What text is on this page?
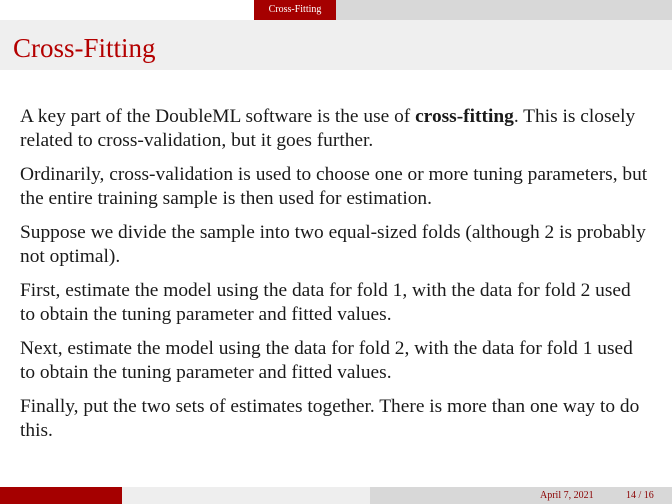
Cross-Fitting
Cross-Fitting

A key part of the DoubleML software is the use of cross-fitting. This is closely related to cross-validation, but it goes further.

Ordinarily, cross-validation is used to choose one or more tuning parameters, but the entire training sample is then used for estimation.

Suppose we divide the sample into two equal-sized folds (although 2 is probably not optimal).

First, estimate the model using the data for fold 1, with the data for fold 2 used to obtain the tuning parameter and fitted values.

Next, estimate the model using the data for fold 2, with the data for fold 1 used to obtain the tuning parameter and fitted values.

Finally, put the two sets of estimates together. There is more than one way to do this.

April 7, 2021	14 / 16
